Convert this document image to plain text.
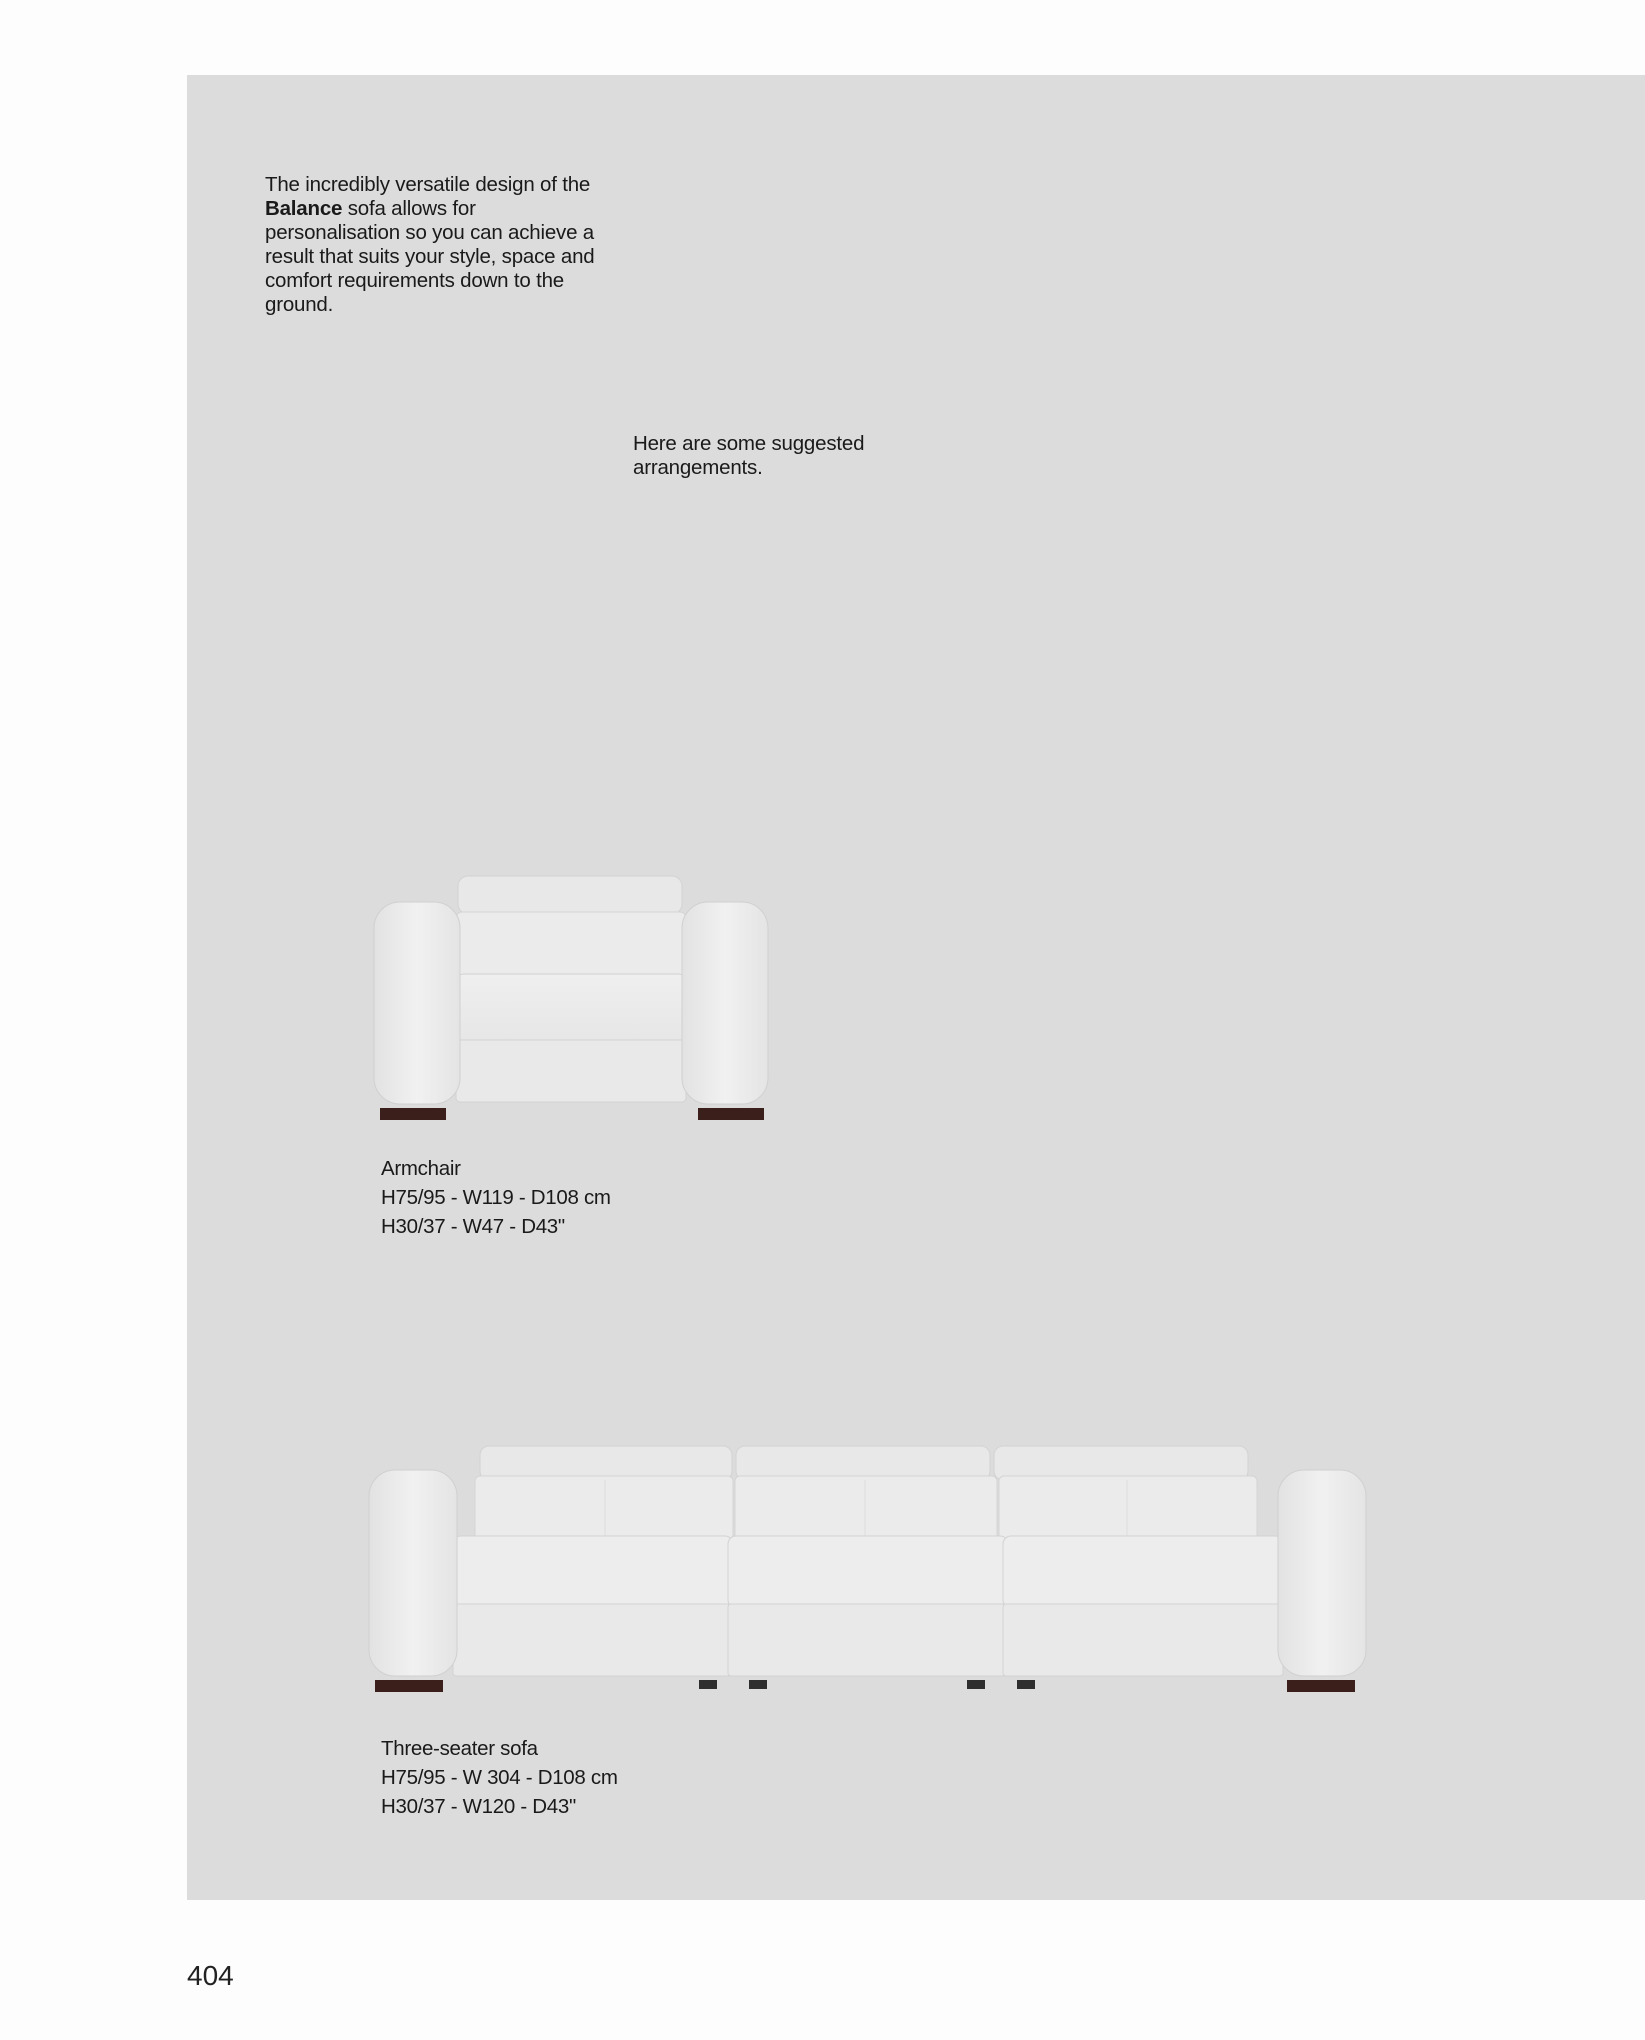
The incredibly versatile design of the Balance sofa allows for personalisation so you can achieve a result that suits your style, space and comfort requirements down to the ground.

Here are some suggested arrangements.

Armchair
H75/95 - W119 - D108 cm
H30/37 - W47 - D43"
Three-seater sofa
H75/95 - W 304 - D108 cm
H30/37 - W120 - D43"
404
